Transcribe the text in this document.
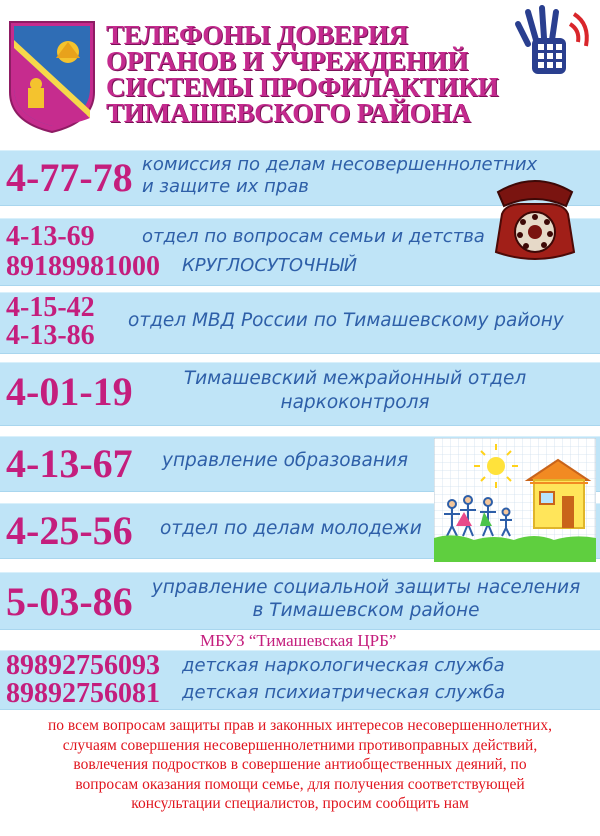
ТЕЛЕФОНЫ ДОВЕРИЯ
ОРГАНОВ И УЧРЕЖДЕНИЙ
СИСТЕМЫ ПРОФИЛАКТИКИ
ТИМАШЕВСКОГО РАЙОНА
4-77-78 комиссия по делам несовершеннолетних
и защите их прав
4-13-69
89189981000
отдел по вопросам семьи и детства
КРУГЛОСУТОЧНЫЙ
4-15-42
4-13-86 отдел МВД России по Тимашевскому району
4-01-19	Тимашевский межрайонный отдел
наркоконтроля
4-13-67 управление образования
4-25-56 отдел по делам молодежи
5-03-86 управление социальной защиты населения
в Тимашевском районе
МБУЗ “Тимашевская ЦРБ”
89892756093
89892756081
детская наркологическая служба
детская психиатрическая служба
по всем вопросам защиты прав и законных интересов несовершеннолетних,
случаям совершения несовершеннолетними противоправных действий,
вовлечения подростков в совершение антиобщественных деяний, по
вопросам оказания помощи семье, для получения соответствующей
консультации специалистов, просим сообщить нам
